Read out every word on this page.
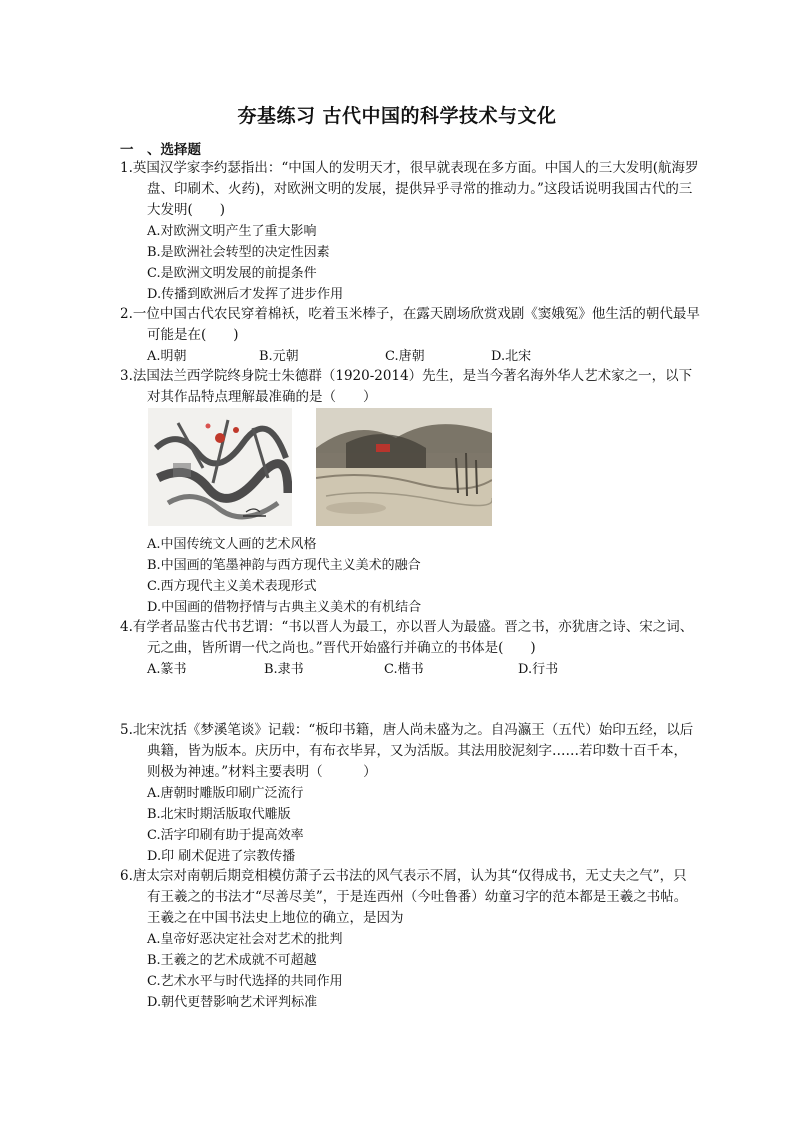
夯基练习 古代中国的科学技术与文化
一　、选择题
1.英国汉学家李约瑟指出：“中国人的发明天才，很早就表现在多方面。中国人的三大发明(航海罗盘、印刷术、火药)，对欧洲文明的发展，提供异乎寻常的推动力。”这段话说明我国古代的三大发明(　　)
A.对欧洲文明产生了重大影响
B.是欧洲社会转型的决定性因素
C.是欧洲文明发展的前提条件
D.传播到欧洲后才发挥了进步作用
2.一位中国古代农民穿着棉袄，吃着玉米棒子，在露天剧场欣赏戏剧《窦娥冤》他生活的朝代最早可能是在(　　)
A.明朝	B.元朝	C.唐朝	D.北宋
3.法国法兰西学院终身院士朱德群（1920-2014）先生，是当今著名海外华人艺术家之一，以下对其作品特点理解最准确的是（　　）
A.中国传统文人画的艺术风格
B.中国画的笔墨神韵与西方现代主义美术的融合
C.西方现代主义美术表现形式
D.中国画的借物抒情与古典主义美术的有机结合
4.有学者品鉴古代书艺谓：“书以晋人为最工，亦以晋人为最盛。晋之书，亦犹唐之诗、宋之词、元之曲，皆所谓一代之尚也。”晋代开始盛行并确立的书体是(　　)
A.篆书	B.隶书	C.楷书	D.行书
5.北宋沈括《梦溪笔谈》记载：“板印书籍，唐人尚未盛为之。自冯瀛王（五代）始印五经，以后典籍，皆为版本。庆历中，有布衣毕昇，又为活版。其法用胶泥刻字……若印数十百千本，则极为神速。”材料主要表明（　　　）
A.唐朝时雕版印刷广泛流行
B.北宋时期活版取代雕版
C.活字印刷有助于提高效率
D.印 刷术促进了宗教传播
6.唐太宗对南朝后期竞相模仿萧子云书法的风气表示不屑，认为其“仅得成书，无丈夫之气”，只有王羲之的书法才“尽善尽美”，于是连西州（今吐鲁番）幼童习字的范本都是王羲之书帖。王羲之在中国书法史上地位的确立，是因为
A.皇帝好恶决定社会对艺术的批判
B.王羲之的艺术成就不可超越
C.艺术水平与时代选择的共同作用
D.朝代更替影响艺术评判标准
